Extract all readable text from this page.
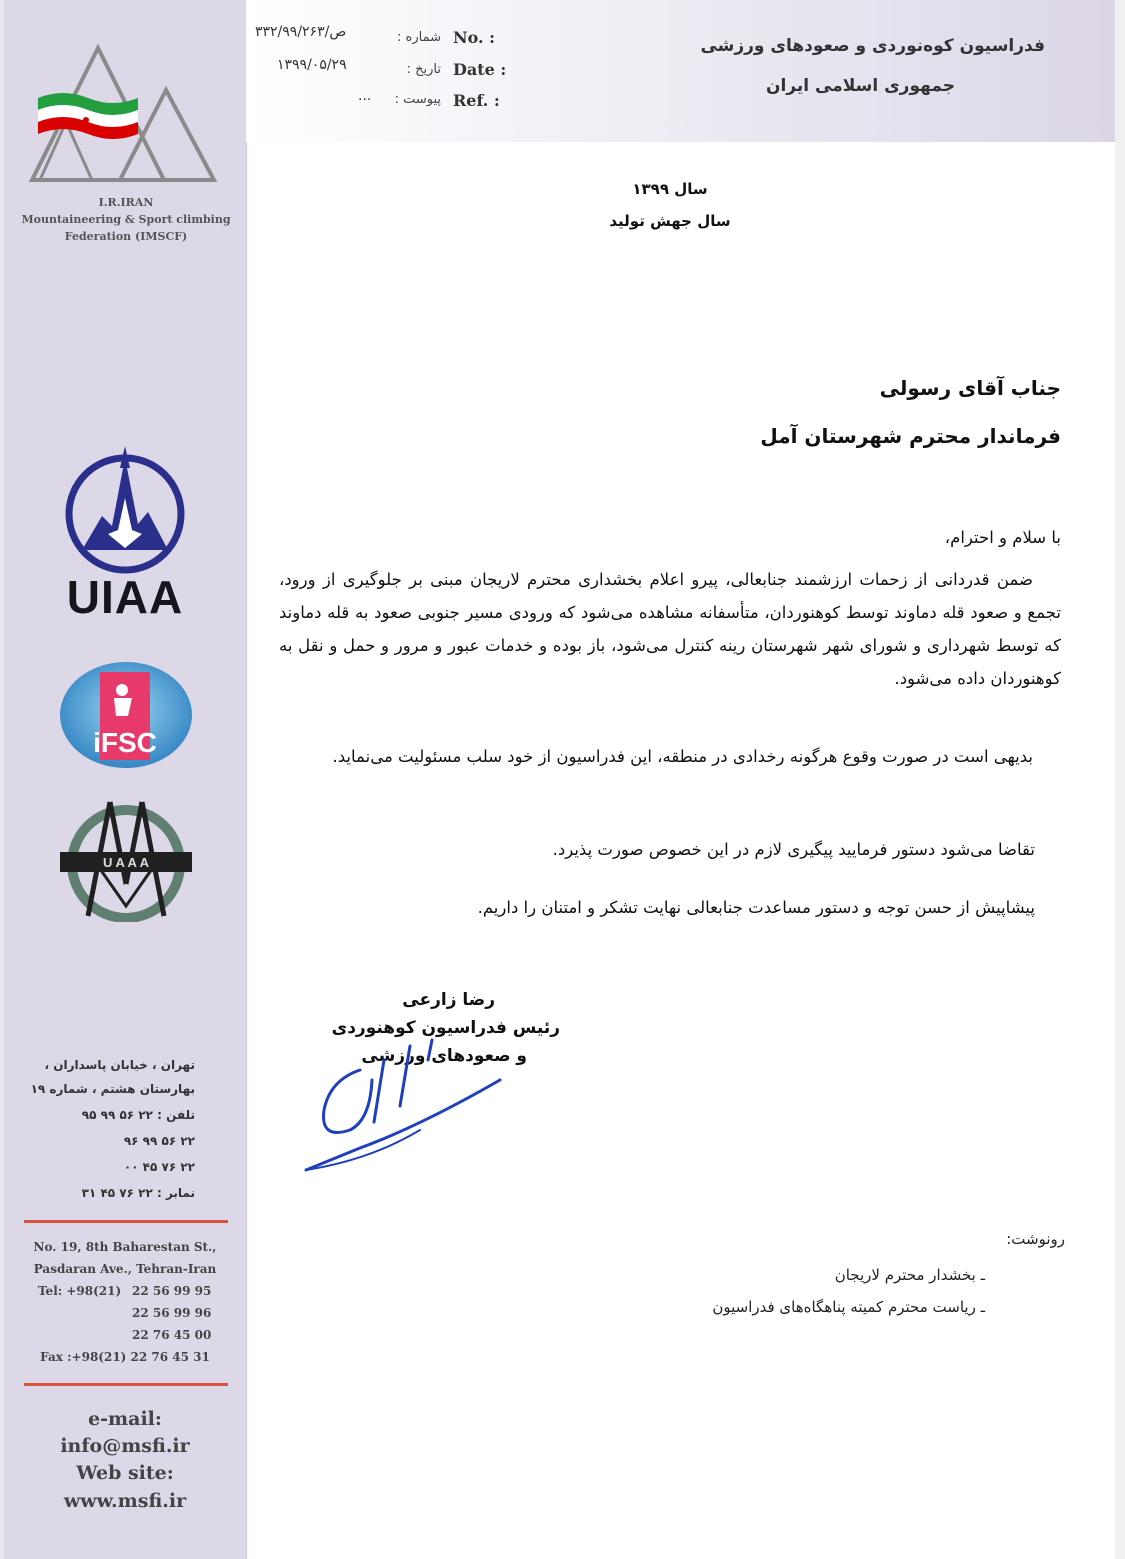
I.R.IRAN
Mountaineering & Sport climbing
Federation (IMSCF)
UIAA
iFSC
U A A A
تهران ، خیابان پاسداران ،
بهارستان هشتم ، شماره ۱۹
تلفن : ۲۲ ۵۶ ۹۹ ۹۵
۲۲ ۵۶ ۹۹ ۹۶
۲۲ ۷۶ ۴۵ ۰۰
نمابر : ۲۲ ۷۶ ۴۵ ۳۱
No. 19, 8th Baharestan St.,
Pasdaran Ave., Tehran-Iran
Tel: +98(21) 22 56 99 95
22 56 99 96
22 76 45 00
Fax :+98(21) 22 76 45 31
e-mail:
info@msfi.ir
Web site:
www.msfi.ir
فدراسیون کوه‌نوردی و صعودهای ورزشی
جمهوری اسلامی ایران
No. :
Date :
Ref. :
شماره :
تاریخ :
پیوست :
۳۳۲/ص/۹۹/۲۶۳
۱۳۹۹/۰۵/۲۹
...
سال ۱۳۹۹
سال جهش تولید
جناب آقای رسولی
فرماندار محترم شهرستان آمل
با سلام و احترام،
ضمن قدردانی از زحمات ارزشمند جنابعالی، پیرو اعلام بخشداری محترم لاریجان مبنی بر جلوگیری از ورود، تجمع و صعود قله دماوند توسط کوهنوردان، متأسفانه مشاهده می‌شود که ورودی مسیر جنوبی صعود به قله دماوند که توسط شهرداری و شورای شهر شهرستان رینه کنترل می‌شود، باز بوده و خدمات عبور و مرور و حمل و نقل به کوهنوردان داده می‌شود.
بدیهی است در صورت وقوع هرگونه رخدادی در منطقه، این فدراسیون از خود سلب مسئولیت می‌نماید.
تقاضا می‌شود دستور فرمایید پیگیری لازم در این خصوص صورت پذیرد.
پیشاپیش از حسن توجه و دستور مساعدت جنابعالی نهایت تشکر و امتنان را داریم.
رضا زارعی
رئیس فدراسیون کوهنوردی
و صعودهای ورزشی
رونوشت:
ـ بخشدار محترم لاریجان
ـ ریاست محترم کمیته پناهگاه‌های فدراسیون
